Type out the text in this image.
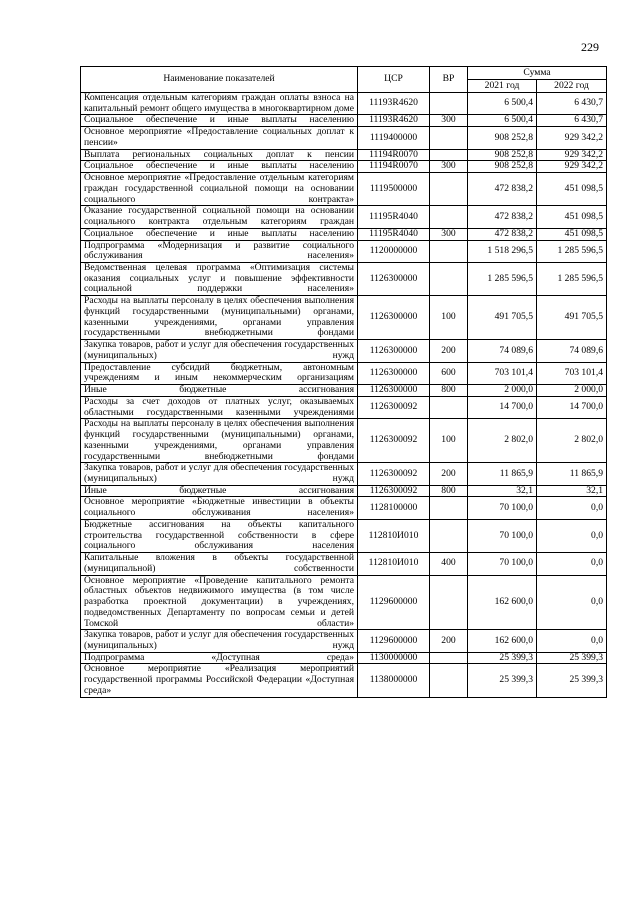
229
Наименование показателей	ЦСР	ВР	Сумма	
			2021 год	2022 год
Компенсация отдельным категориям граждан оплаты взноса на капитальный ремонт общего имущества в многоквартирном доме	11193R4620		6 500,4	6 430,7
Социальное обеспечение и иные выплаты населению	11193R4620	300	6 500,4	6 430,7
Основное мероприятие «Предоставление социальных доплат к пенсии»	1119400000		908 252,8	929 342,2
Выплата региональных социальных доплат к пенсии	11194R0070		908 252,8	929 342,2
Социальное обеспечение и иные выплаты населению	11194R0070	300	908 252,8	929 342,2
Основное мероприятие «Предоставление отдельным категориям граждан государственной социальной помощи на основании социального контракта»	1119500000		472 838,2	451 098,5
Оказание государственной социальной помощи на основании социального контракта отдельным категориям граждан	11195R4040		472 838,2	451 098,5
Социальное обеспечение и иные выплаты населению	11195R4040	300	472 838,2	451 098,5
Подпрограмма «Модернизация и развитие социального обслуживания населения»	1120000000		1 518 296,5	1 285 596,5
Ведомственная целевая программа «Оптимизация системы оказания социальных услуг и повышение эффективности социальной поддержки населения»	1126300000		1 285 596,5	1 285 596,5
Расходы на выплаты персоналу в целях обеспечения выполнения функций государственными (муниципальными) органами, казенными учреждениями, органами управления государственными внебюджетными фондами	1126300000	100	491 705,5	491 705,5
Закупка товаров, работ и услуг для обеспечения государственных (муниципальных) нужд	1126300000	200	74 089,6	74 089,6
Предоставление субсидий бюджетным, автономным учреждениям и иным некоммерческим организациям	1126300000	600	703 101,4	703 101,4
Иные бюджетные ассигнования	1126300000	800	2 000,0	2 000,0
Расходы за счет доходов от платных услуг, оказываемых областными государственными казенными учреждениями	1126300092		14 700,0	14 700,0
Расходы на выплаты персоналу в целях обеспечения выполнения функций государственными (муниципальными) органами, казенными учреждениями, органами управления государственными внебюджетными фондами	1126300092	100	2 802,0	2 802,0
Закупка товаров, работ и услуг для обеспечения государственных (муниципальных) нужд	1126300092	200	11 865,9	11 865,9
Иные бюджетные ассигнования	1126300092	800	32,1	32,1
Основное мероприятие «Бюджетные инвестиции в объекты социального обслуживания населения»	1128100000		70 100,0	0,0
Бюджетные ассигнования на объекты капитального строительства государственной собственности в сфере социального обслуживания населения	112810И010		70 100,0	0,0
Капитальные вложения в объекты государственной (муниципальной) собственности	112810И010	400	70 100,0	0,0
Основное мероприятие «Проведение капитального ремонта областных объектов недвижимого имущества (в том числе разработка проектной документации) в учреждениях, подведомственных Департаменту по вопросам семьи и детей Томской области»	1129600000		162 600,0	0,0
Закупка товаров, работ и услуг для обеспечения государственных (муниципальных) нужд	1129600000	200	162 600,0	0,0
Подпрограмма «Доступная среда»	1130000000		25 399,3	25 399,3
Основное мероприятие «Реализация мероприятий государственной программы Российской Федерации «Доступная среда»	1138000000		25 399,3	25 399,3
